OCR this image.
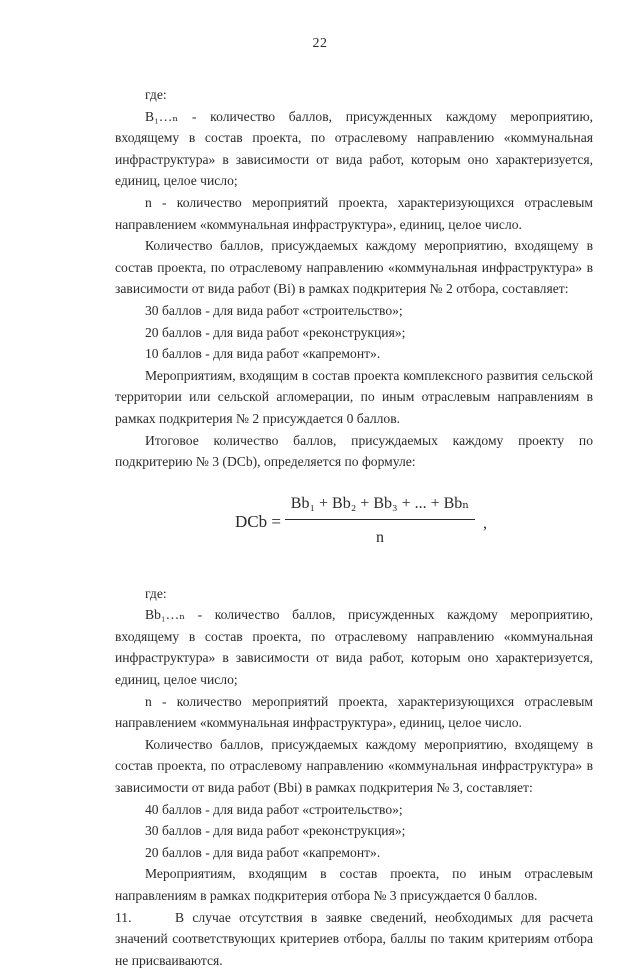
22

где:

B₁…ₙ - количество баллов, присужденных каждому мероприятию, входящему в состав проекта, по отраслевому направлению «коммунальная инфраструктура» в зависимости от вида работ, которым оно характеризуется, единиц, целое число;

n - количество мероприятий проекта, характеризующихся отраслевым направлением «коммунальная инфраструктура», единиц, целое число.

Количество баллов, присуждаемых каждому мероприятию, входящему в состав проекта, по отраслевому направлению «коммунальная инфраструктура» в зависимости от вида работ (Bi) в рамках подкритерия № 2 отбора, составляет:

30 баллов - для вида работ «строительство»;

20 баллов - для вида работ «реконструкция»;

10 баллов - для вида работ «капремонт».

Мероприятиям, входящим в состав проекта комплексного развития сельской территории или сельской агломерации, по иным отраслевым направлениям в рамках подкритерия № 2 присуждается 0 баллов.

Итоговое количество баллов, присуждаемых каждому проекту по подкритерию № 3 (DCb), определяется по формуле:

DCb =
Bb₁ + Bb₂ + Bb₃ + ... + Bbₙ
n
,

где:

Bb₁…ₙ - количество баллов, присужденных каждому мероприятию, входящему в состав проекта, по отраслевому направлению «коммунальная инфраструктура» в зависимости от вида работ, которым оно характеризуется, единиц, целое число;

n - количество мероприятий проекта, характеризующихся отраслевым направлением «коммунальная инфраструктура», единиц, целое число.

Количество баллов, присуждаемых каждому мероприятию, входящему в состав проекта, по отраслевому направлению «коммунальная инфраструктура» в зависимости от вида работ (Bbi) в рамках подкритерия № 3, составляет:

40 баллов - для вида работ «строительство»;

30 баллов - для вида работ «реконструкция»;

20 баллов - для вида работ «капремонт».

Мероприятиям, входящим в состав проекта, по иным отраслевым направлениям в рамках подкритерия отбора № 3 присуждается 0 баллов.

11.	В случае отсутствия в заявке сведений, необходимых для расчета значений соответствующих критериев отбора, баллы по таким критериям отбора не присваиваются.
